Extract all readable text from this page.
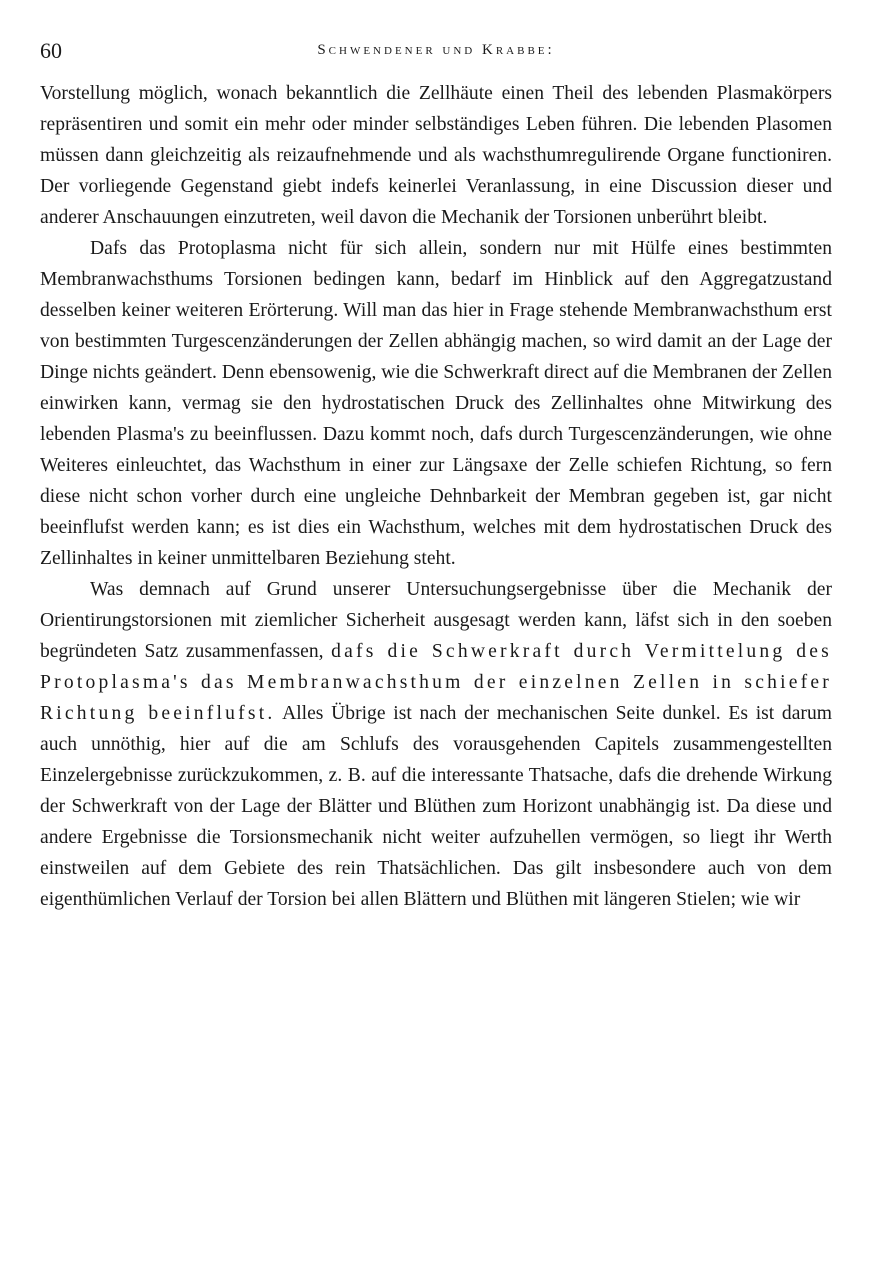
60	Schwendener und Krabbe:

Vorstellung möglich, wonach bekanntlich die Zellhäute einen Theil des lebenden Plasmakörpers repräsentiren und somit ein mehr oder minder selbständiges Leben führen. Die lebenden Plasomen müssen dann gleichzeitig als reizaufnehmende und als wachsthumregulirende Organe functioniren. Der vorliegende Gegenstand giebt indefs keinerlei Veranlassung, in eine Discussion dieser und anderer Anschauungen einzutreten, weil davon die Mechanik der Torsionen unberührt bleibt.

Dafs das Protoplasma nicht für sich allein, sondern nur mit Hülfe eines bestimmten Membranwachsthums Torsionen bedingen kann, bedarf im Hinblick auf den Aggregatzustand desselben keiner weiteren Erörterung. Will man das hier in Frage stehende Membranwachsthum erst von bestimmten Turgescenzänderungen der Zellen abhängig machen, so wird damit an der Lage der Dinge nichts geändert. Denn ebensowenig, wie die Schwerkraft direct auf die Membranen der Zellen einwirken kann, vermag sie den hydrostatischen Druck des Zellinhaltes ohne Mitwirkung des lebenden Plasma's zu beeinflussen. Dazu kommt noch, dafs durch Turgescenzänderungen, wie ohne Weiteres einleuchtet, das Wachsthum in einer zur Längsaxe der Zelle schiefen Richtung, so fern diese nicht schon vorher durch eine ungleiche Dehnbarkeit der Membran gegeben ist, gar nicht beeinflufst werden kann; es ist dies ein Wachsthum, welches mit dem hydrostatischen Druck des Zellinhaltes in keiner unmittelbaren Beziehung steht.

Was demnach auf Grund unserer Untersuchungsergebnisse über die Mechanik der Orientirungstorsionen mit ziemlicher Sicherheit ausgesagt werden kann, läfst sich in den soeben begründeten Satz zusammenfassen, dafs die Schwerkraft durch Vermittelung des Protoplasma's das Membranwachsthum der einzelnen Zellen in schiefer Richtung beeinflufst. Alles Übrige ist nach der mechanischen Seite dunkel. Es ist darum auch unnöthig, hier auf die am Schlufs des vorausgehenden Capitels zusammengestellten Einzelergebnisse zurückzukommen, z. B. auf die interessante Thatsache, dafs die drehende Wirkung der Schwerkraft von der Lage der Blätter und Blüthen zum Horizont unabhängig ist. Da diese und andere Ergebnisse die Torsionsmechanik nicht weiter aufzuhellen vermögen, so liegt ihr Werth einstweilen auf dem Gebiete des rein Thatsächlichen. Das gilt insbesondere auch von dem eigenthümlichen Verlauf der Torsion bei allen Blättern und Blüthen mit längeren Stielen; wie wir
